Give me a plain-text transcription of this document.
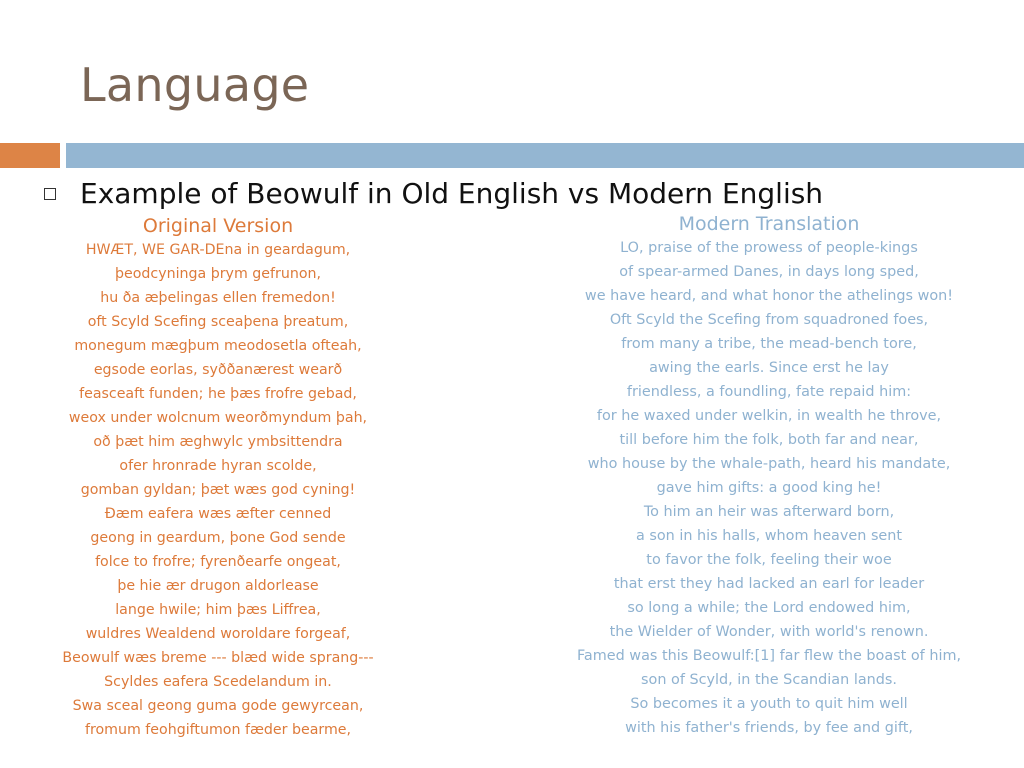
Language
Example of Beowulf in Old English vs Modern English
Original Version
HWÆT, WE GAR-DEna in geardagum,
þeodcyninga þrym gefrunon,
hu ða æþelingas ellen fremedon!
oft Scyld Scefing sceaþena þreatum,
monegum mægþum meodosetla ofteah,
egsode eorlas, syððanærest wearð
feasceaft funden; he þæs frofre gebad,
weox under wolcnum weorðmyndum þah,
oð þæt him æghwylc ymbsittendra
ofer hronrade hyran scolde,
gomban gyldan; þæt wæs god cyning!
Ðæm eafera wæs æfter cenned
geong in geardum, þone God sende
folce to frofre; fyrenðearfe ongeat,
þe hie ær drugon aldorlease
lange hwile; him þæs Liffrea,
wuldres Wealdend woroldare forgeaf,
Beowulf wæs breme --- blæd wide sprang---
Scyldes eafera Scedelandum in.
Swa sceal geong guma gode gewyrcean,
fromum feohgiftumon fæder bearme,
Modern Translation
LO, praise of the prowess of people-kings
of spear-armed Danes, in days long sped,
we have heard, and what honor the athelings won!
Oft Scyld the Scefing from squadroned foes,
from many a tribe, the mead-bench tore,
awing the earls. Since erst he lay
friendless, a foundling, fate repaid him:
for he waxed under welkin, in wealth he throve,
till before him the folk, both far and near,
who house by the whale-path, heard his mandate,
gave him gifts: a good king he!
To him an heir was afterward born,
a son in his halls, whom heaven sent
to favor the folk, feeling their woe
that erst they had lacked an earl for leader
so long a while; the Lord endowed him,
the Wielder of Wonder, with world's renown.
Famed was this Beowulf:[1] far flew the boast of him,
son of Scyld, in the Scandian lands.
So becomes it a youth to quit him well
with his father's friends, by fee and gift,
